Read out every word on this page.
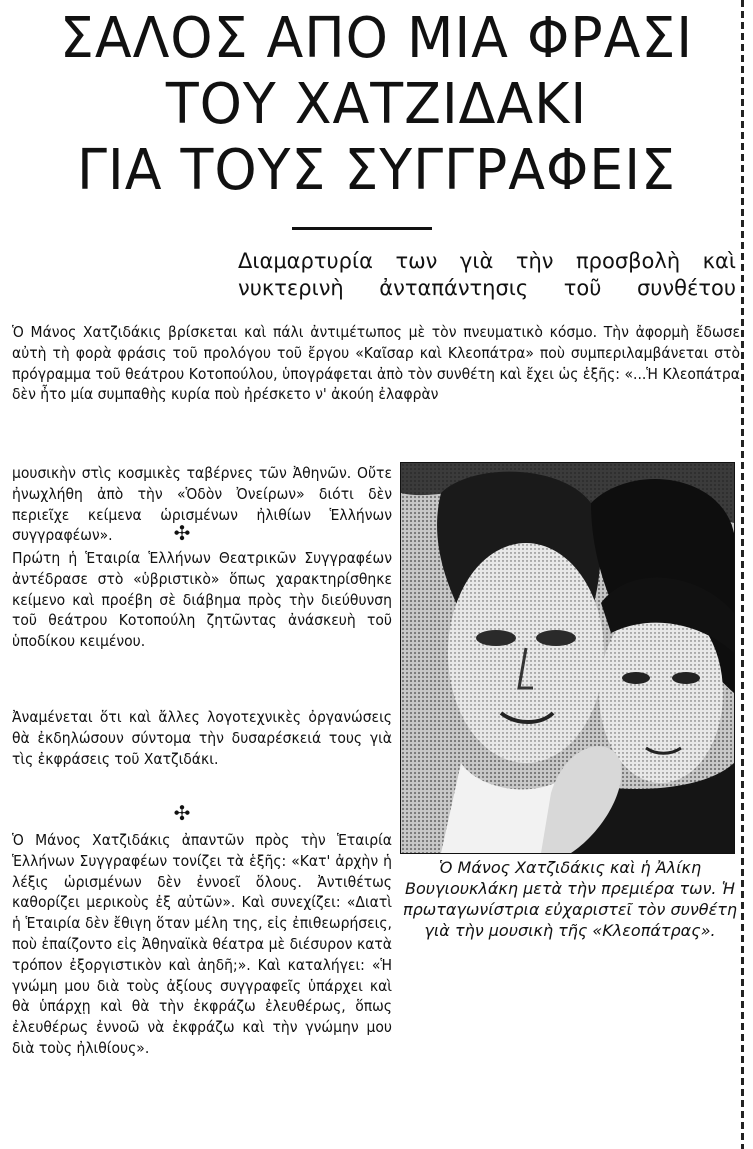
ΣΑΛΟΣ ΑΠΟ ΜΙΑ ΦΡΑΣΙ
ΤΟΥ ΧΑΤΖΙΔΑΚΙ
ΓΙΑ ΤΟΥΣ ΣΥΓΓΡΑΦΕΙΣ
Διαμαρτυρία των γιὰ τὴν προσβολὴ καὶ νυκτερινὴ ἀνταπάντησις τοῦ συνθέτου

Ὁ Μάνος Χατζιδάκις βρίσκεται καὶ πάλι ἀντιμέτωπος μὲ τὸν πνευματικὸ κόσμο. Τὴν ἀφορμὴ ἔδωσε αὐτὴ τὴ φορὰ φράσις τοῦ προλόγου τοῦ ἔργου «Καῖσαρ καὶ Κλεοπάτρα» ποὺ συμπεριλαμβάνεται στὸ πρόγραμμα τοῦ θεάτρου Κοτοπούλου, ὑπογράφεται ἀπὸ τὸν συνθέτη καὶ ἔχει ὡς ἑξῆς: «...Ἡ Κλεοπάτρα δὲν ἦτο μία συμπαθὴς κυρία ποὺ ἠρέσκετο ν' ἀκούη ἐλαφρὰν

μουσικὴν στὶς κοσμικὲς ταβέρνες τῶν Ἀθηνῶν. Οὔτε ἠνωχλήθη ἀπὸ τὴν «Ὁδὸν Ὀνείρων» διότι δὲν περιεῖχε κείμενα ὡρισμένων ἠλιθίων Ἑλλήνων συγγραφέων».	✣

Πρώτη ἡ Ἑταιρία Ἑλλήνων Θεατρικῶν Συγγραφέων ἀντέδρασε στὸ «ὑβριστικὸ» ὅπως χαρακτηρίσθηκε κείμενο καὶ προέβη σὲ διάβημα πρὸς τὴν διεύθυνση τοῦ θεάτρου Κοτοπούλη ζητῶντας ἀνάσκευὴ τοῦ ὑποδίκου κειμένου.

Ἀναμένεται ὅτι καὶ ἄλλες λογοτεχνικὲς ὀργανώσεις θὰ ἐκδηλώσουν σύντομα τὴν δυσαρέσκειά τους γιὰ τὶς ἐκφράσεις τοῦ Χατζιδάκι.

✣

Ὁ Μάνος Χατζιδάκις ἀπαντῶν πρὸς τὴν Ἑταιρία Ἑλλήνων Συγγραφέων τονίζει τὰ ἑξῆς: «Κατ' ἀρχὴν ἡ λέξις ὡρισμένων δὲν ἐννοεῖ ὅλους. Ἀντιθέτως καθορίζει μερικοὺς ἐξ αὐτῶν». Καὶ συνεχίζει: «Διατὶ ἡ Ἑταιρία δὲν ἔθιγη ὅταν μέλη της, εἰς ἐπιθεωρήσεις, ποὺ ἐπαίζοντο εἰς Ἀθηναϊκὰ θέατρα μὲ διέσυρον κατὰ τρόπον ἐξοργιστικὸν καὶ ἀηδῆ;». Καὶ καταλήγει: «Ἡ γνώμη μου διὰ τοὺς ἀξίους συγγραφεῖς ὑπάρχει καὶ θὰ ὑπάρχῃ καὶ θὰ τὴν ἐκφράζω ἐλευθέρως, ὅπως ἐλευθέρως ἐννοῶ νὰ ἐκφράζω καὶ τὴν γνώμην μου διὰ τοὺς ἠλιθίους».

Ὁ Μάνος Χατζιδάκις καὶ ἡ Ἀλίκη Βουγιουκλάκη μετὰ τὴν πρεμιέρα των. Ἡ πρωταγωνίστρια εὐχαριστεῖ τὸν συνθέτη γιὰ τὴν μουσικὴ τῆς «Κλεοπάτρας».
